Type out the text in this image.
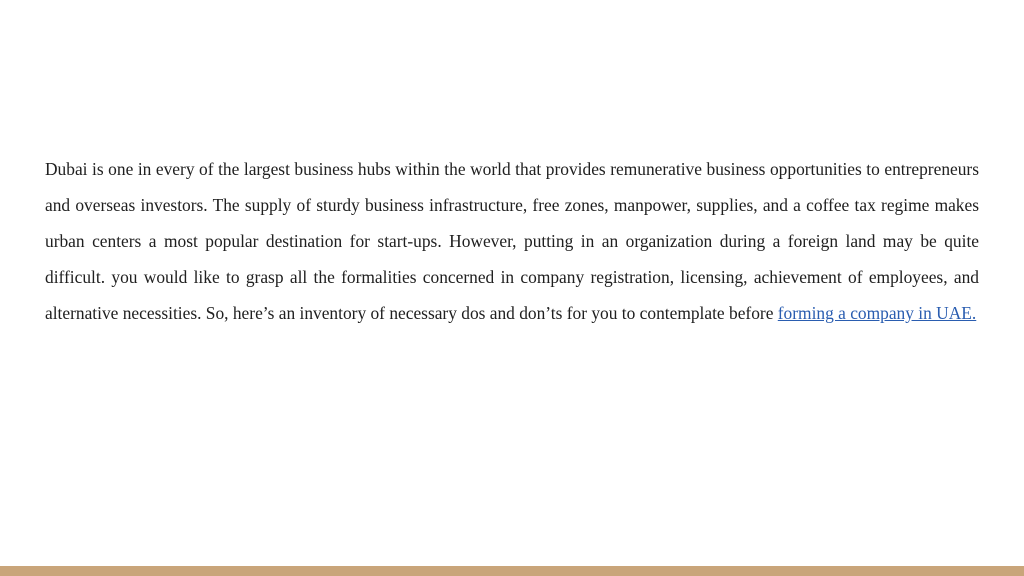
Dubai is one in every of the largest business hubs within the world that provides remunerative business opportunities to entrepreneurs and overseas investors. The supply of sturdy business infrastructure, free zones, manpower, supplies, and a coffee tax regime makes urban centers a most popular destination for start-ups. However, putting in an organization during a foreign land may be quite difficult. you would like to grasp all the formalities concerned in company registration, licensing, achievement of employees, and alternative necessities. So, here’s an inventory of necessary dos and don’ts for you to contemplate before forming a company in UAE.
